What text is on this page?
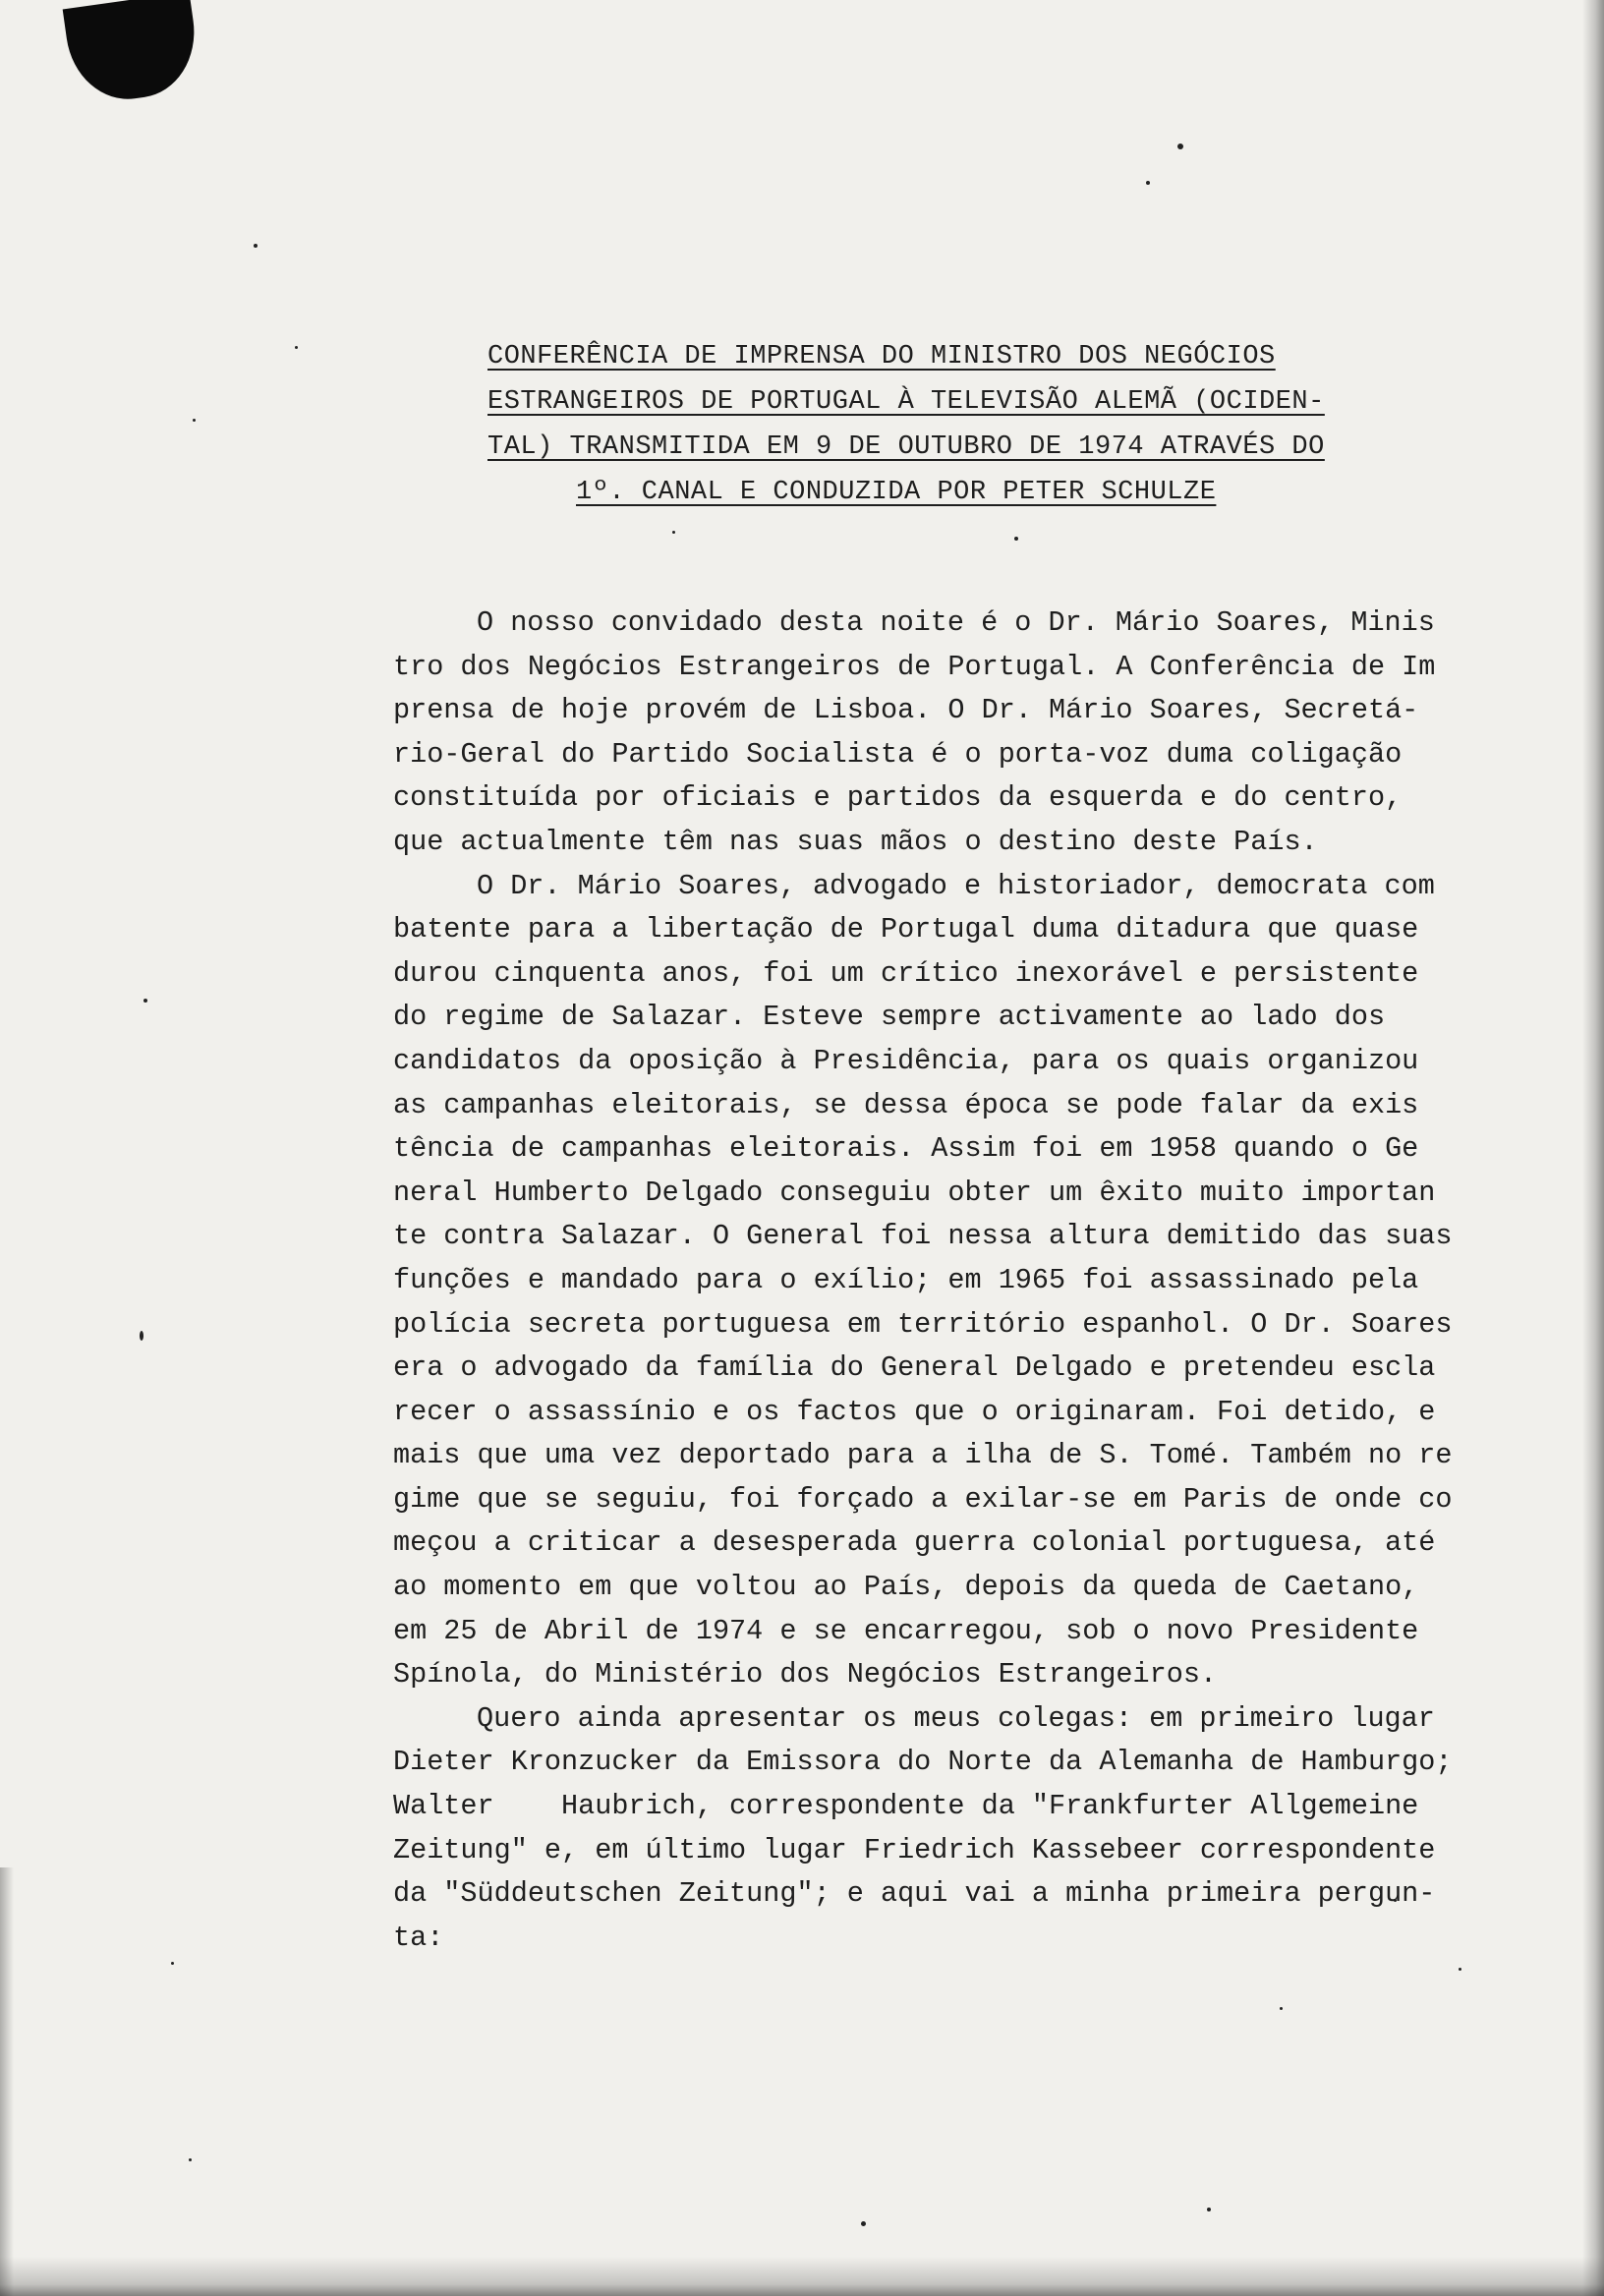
CONFERÊNCIA DE IMPRENSA DO MINISTRO DOS NEGÓCIOS
ESTRANGEIROS DE PORTUGAL À TELEVISÃO ALEMÃ (OCIDEN-
TAL) TRANSMITIDA EM 9 DE OUTUBRO DE 1974 ATRAVÉS DO
1º. CANAL E CONDUZIDA POR PETER SCHULZE
O nosso convidado desta noite é o Dr. Mário Soares, Minis
tro dos Negócios Estrangeiros de Portugal. A Conferência de Im
prensa de hoje provém de Lisboa. O Dr. Mário Soares, Secretá-
rio-Geral do Partido Socialista é o porta-voz duma coligação
constituída por oficiais e partidos da esquerda e do centro,
que actualmente têm nas suas mãos o destino deste País.
O Dr. Mário Soares, advogado e historiador, democrata com
batente para a libertação de Portugal duma ditadura que quase
durou cinquenta anos, foi um crítico inexorável e persistente
do regime de Salazar. Esteve sempre activamente ao lado dos
candidatos da oposição à Presidência, para os quais organizou
as campanhas eleitorais, se dessa época se pode falar da exis
tência de campanhas eleitorais. Assim foi em 1958 quando o Ge
neral Humberto Delgado conseguiu obter um êxito muito importan
te contra Salazar. O General foi nessa altura demitido das suas
funções e mandado para o exílio; em 1965 foi assassinado pela
polícia secreta portuguesa em território espanhol. O Dr. Soares
era o advogado da família do General Delgado e pretendeu escla
recer o assassínio e os factos que o originaram. Foi detido, e
mais que uma vez deportado para a ilha de S. Tomé. Também no re
gime que se seguiu, foi forçado a exilar-se em Paris de onde co
meçou a criticar a desesperada guerra colonial portuguesa, até
ao momento em que voltou ao País, depois da queda de Caetano,
em 25 de Abril de 1974 e se encarregou, sob o novo Presidente
Spínola, do Ministério dos Negócios Estrangeiros.
Quero ainda apresentar os meus colegas: em primeiro lugar
Dieter Kronzucker da Emissora do Norte da Alemanha de Hamburgo;
Walter    Haubrich, correspondente da "Frankfurter Allgemeine
Zeitung" e, em último lugar Friedrich Kassebeer correspondente
da "Süddeutschen Zeitung"; e aqui vai a minha primeira pergun-
ta:
